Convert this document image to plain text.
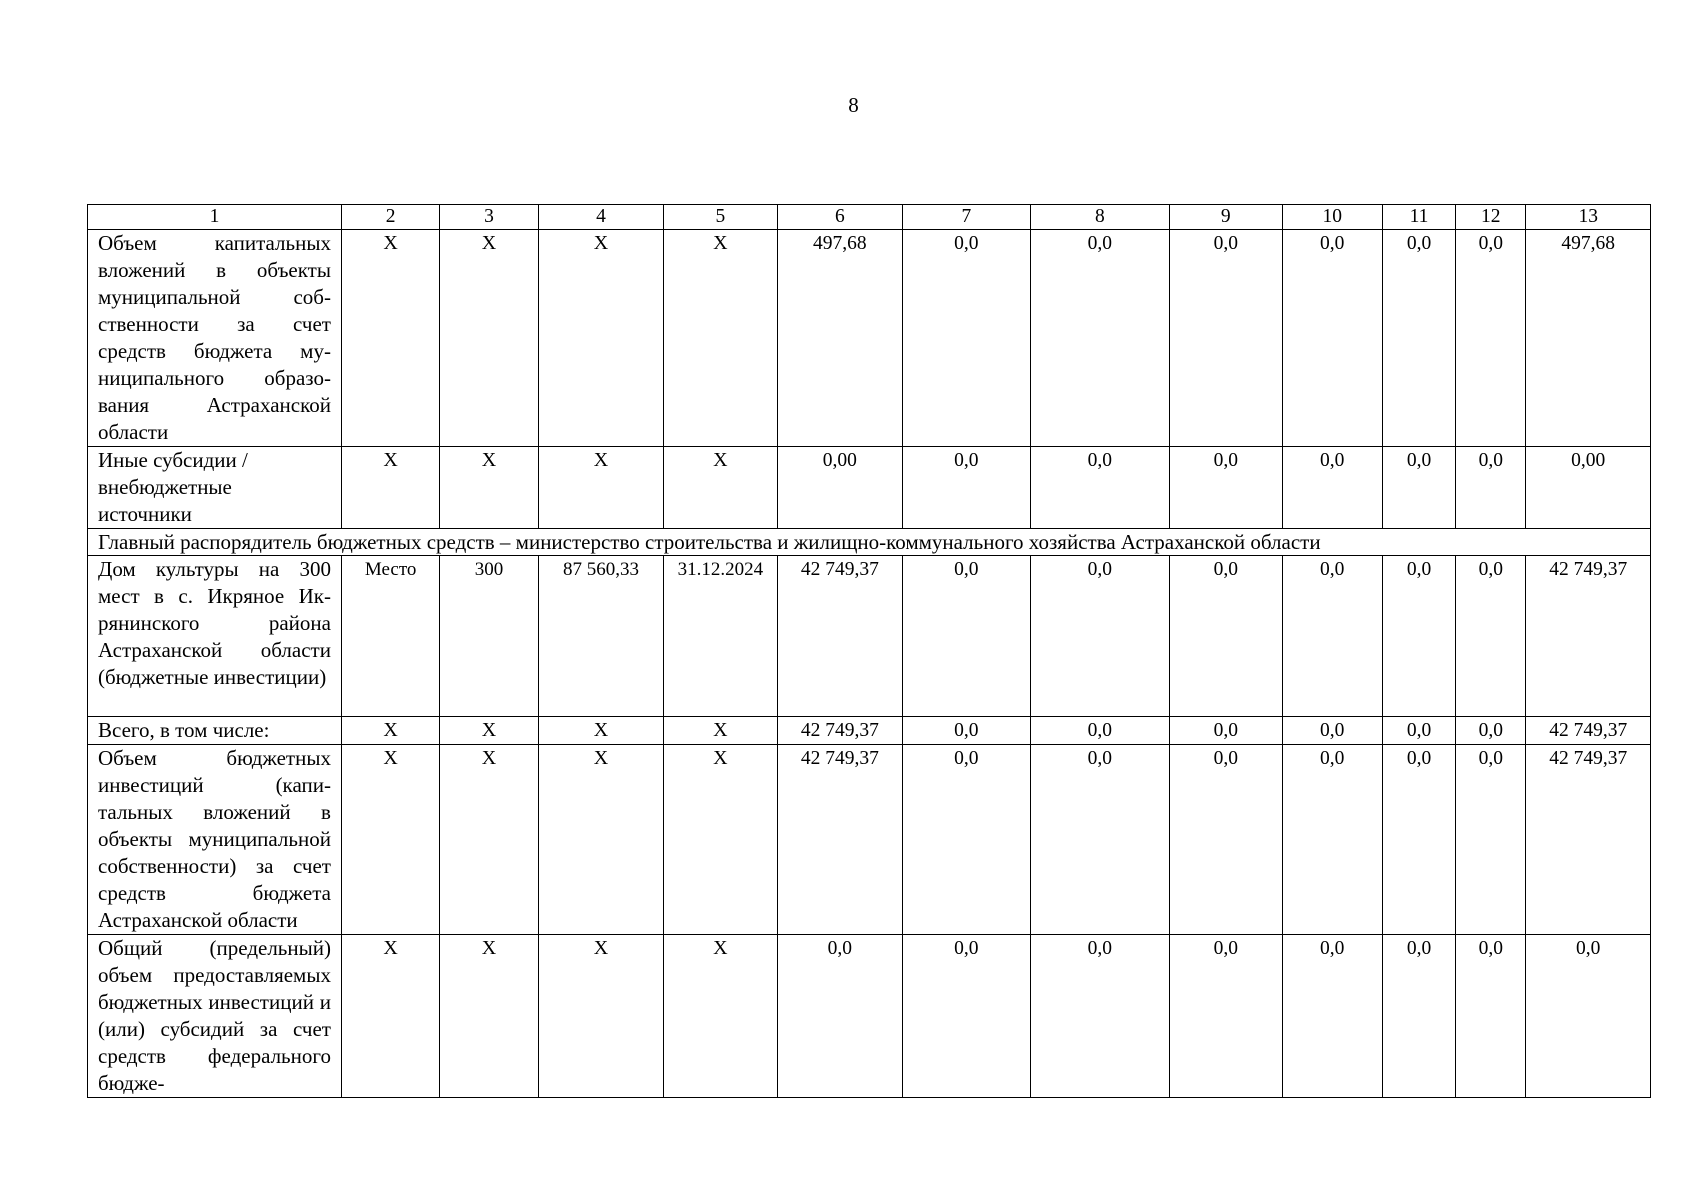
8
1	2	3	4	5	6	7	8	9	10	11	12	13
Объем капитальных вложений в объекты муниципальной собственности за счет средств бюджета муниципального образования Астраханской области	X	X	X	X	497,68	0,0	0,0	0,0	0,0	0,0	0,0	497,68
Иные субсидии / внебюджетные источники	X	X	X	X	0,00	0,0	0,0	0,0	0,0	0,0	0,0	0,00
Главный распорядитель бюджетных средств – министерство строительства и жилищно-коммунального хозяйства Астраханской области												
Дом культуры на 300 мест в с. Икряное Икрянинского района Астраханской области (бюджетные инвестиции)	Место	300	87 560,33	31.12.2024	42 749,37	0,0	0,0	0,0	0,0	0,0	0,0	42 749,37
Всего, в том числе:	X	X	X	X	42 749,37	0,0	0,0	0,0	0,0	0,0	0,0	42 749,37
Объем бюджетных инвестиций (капитальных вложений в объекты муниципальной собственности) за счет средств бюджета Астраханской области	X	X	X	X	42 749,37	0,0	0,0	0,0	0,0	0,0	0,0	42 749,37
Общий (предельный) объем предоставляемых бюджетных инвестиций и (или) субсидий за счет средств федерального бюдже-	X	X	X	X	0,0	0,0	0,0	0,0	0,0	0,0	0,0	0,0
